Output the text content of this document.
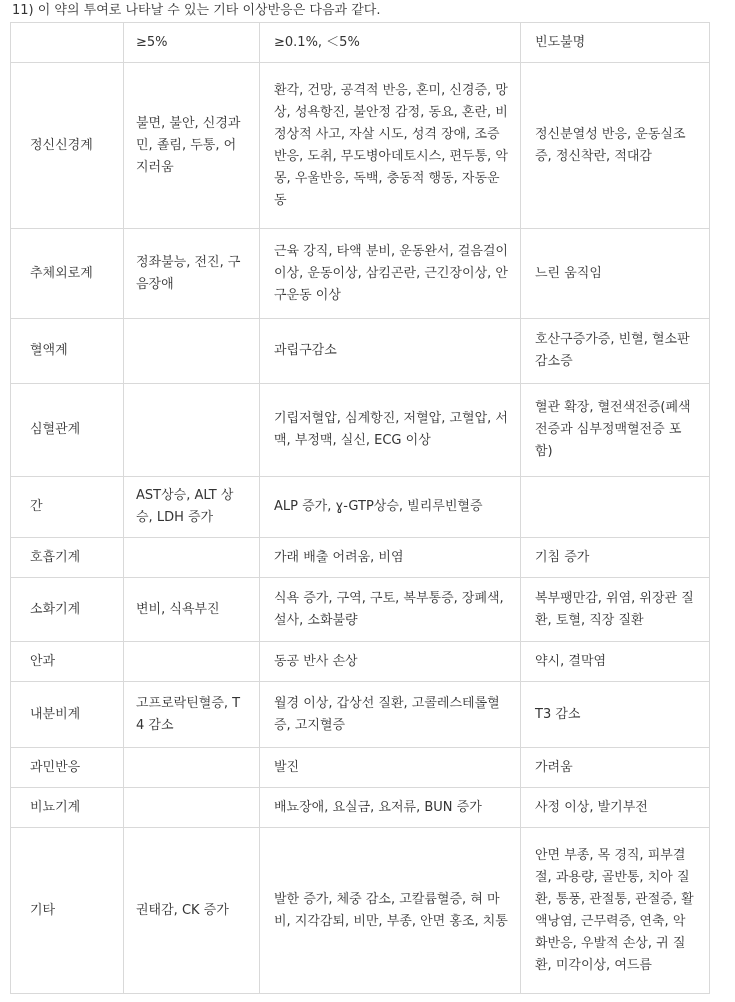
11) 이 약의 투여로 나타날 수 있는 기타 이상반응은 다음과 같다.
	≥5%	≥0.1%, ＜5%	빈도불명
정신신경계	불면, 불안, 신경과민, 졸림, 두통, 어지러움	환각, 건망, 공격적 반응, 혼미, 신경증, 망상, 성욕항진, 불안정 감정, 동요, 혼란, 비정상적 사고, 자살 시도, 성격 장애, 조증 반응, 도취, 무도병아데토시스, 편두통, 악몽, 우울반응, 독백, 충동적 행동, 자동운동	정신분열성 반응, 운동실조증, 정신착란, 적대감
추체외로계	정좌불능, 전진, 구음장애	근육 강직, 타액 분비, 운동완서, 걸음걸이 이상, 운동이상, 삼킴곤란, 근긴장이상, 안구운동 이상	느린 움직임
혈액계		과립구감소	호산구증가증, 빈혈, 혈소판감소증
심혈관계		기립저혈압, 심계항진, 저혈압, 고혈압, 서맥, 부정맥, 실신, ECG 이상	혈관 확장, 혈전색전증(폐색전증과 심부정맥혈전증 포함)
간	AST상승, ALT 상승, LDH 증가	ALP 증가, ɣ-GTP상승, 빌리루빈혈증	
호흡기계		가래 배출 어려움, 비염	기침 증가
소화기계	변비, 식욕부진	식욕 증가, 구역, 구토, 복부통증, 장폐색, 설사, 소화불량	복부팽만감, 위염, 위장관 질환, 토혈, 직장 질환
안과		동공 반사 손상	약시, 결막염
내분비계	고프로락틴혈증, T4 감소	월경 이상, 갑상선 질환, 고콜레스테롤혈증, 고지혈증	T3 감소
과민반응		발진	가려움
비뇨기계		배뇨장애, 요실금, 요저류, BUN 증가	사정 이상, 발기부전
기타	권태감, CK 증가	발한 증가, 체중 감소, 고칼륨혈증, 혀 마비, 지각감퇴, 비만, 부종, 안면 홍조, 치통	안면 부종, 목 경직, 피부결절, 과용량, 골반통, 치아 질환, 통풍, 관절통, 관절증, 활액낭염, 근무력증, 연축, 악화반응, 우발적 손상, 귀 질환, 미각이상, 여드름
